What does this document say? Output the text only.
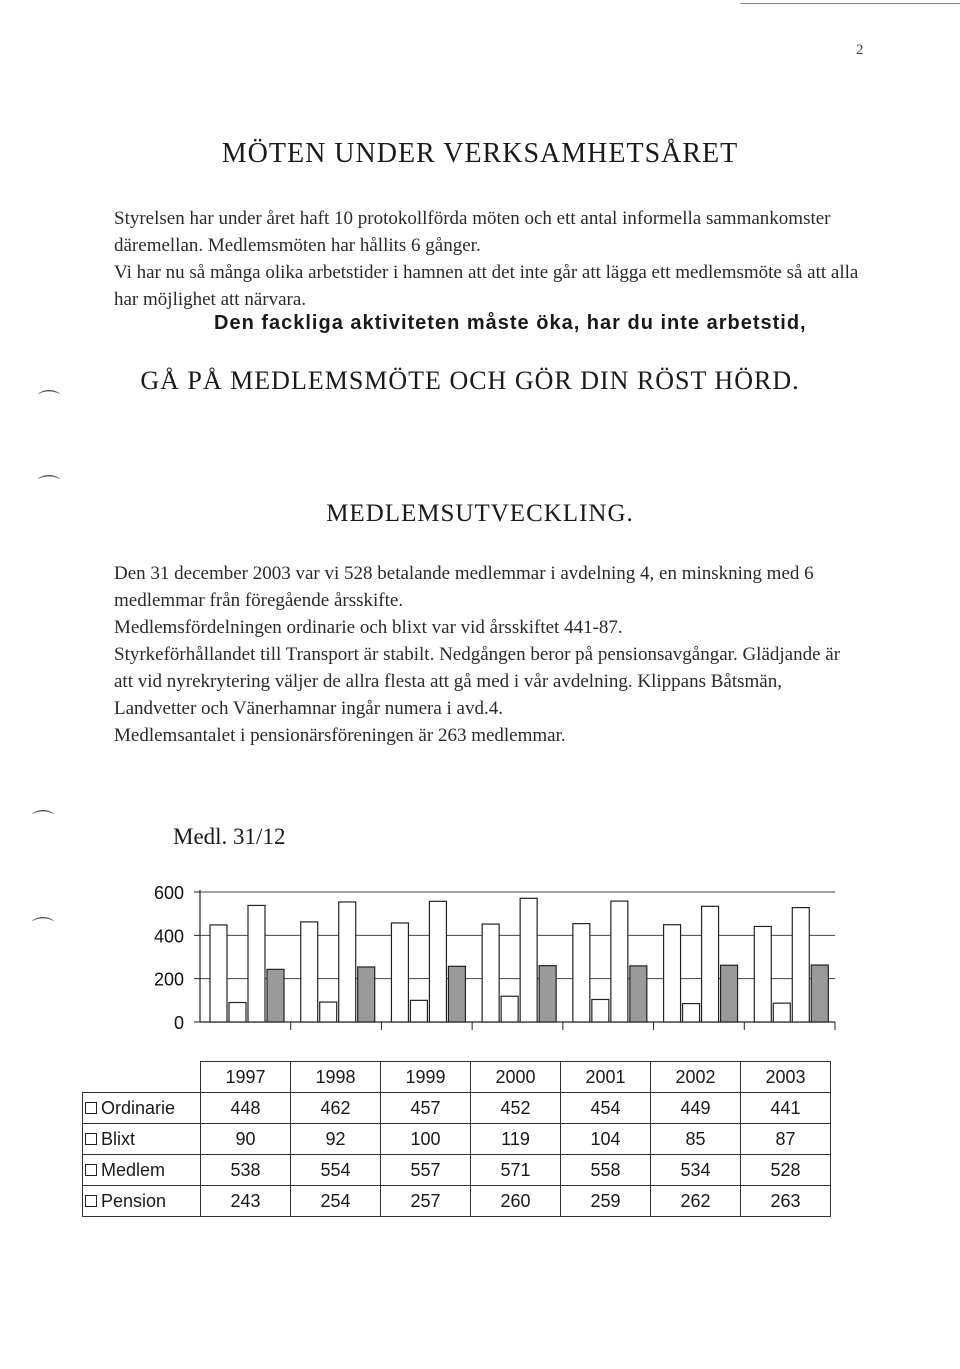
2
MÖTEN UNDER VERKSAMHETSÅRET
Styrelsen har under året haft 10 protokollförda möten och ett antal informella sammankomster däremellan. Medlemsmöten har hållits 6 gånger.
Vi har nu så många olika arbetstider i hamnen att det inte går att lägga ett medlemsmöte så att alla har möjlighet att närvara.
Den fackliga aktiviteten måste öka, har du inte arbetstid,
GÅ PÅ MEDLEMSMÖTE OCH GÖR DIN RÖST HÖRD.
⌒
⌒
⌒
⌒
MEDLEMSUTVECKLING.
Den 31 december 2003 var vi 528 betalande medlemmar i avdelning 4, en minskning med 6 medlemmar från föregående årsskifte.
Medlemsfördelningen ordinarie och blixt var vid årsskiftet 441-87.
Styrkeförhållandet till Transport är stabilt. Nedgången beror på pensionsavgångar. Glädjande är att vid nyrekrytering väljer de allra flesta att gå med i vår avdelning. Klippans Båtsmän, Landvetter och Vänerhamnar ingår numera i avd.4.
Medlemsantalet i pensionärsföreningen är 263 medlemmar.
Medl. 31/12
0
200
400
600
	1997	1998	1999	2000	2001	2002	2003
Ordinarie	448	462	457	452	454	449	441
Blixt	90	92	100	119	104	85	87
Medlem	538	554	557	571	558	534	528
Pension	243	254	257	260	259	262	263
